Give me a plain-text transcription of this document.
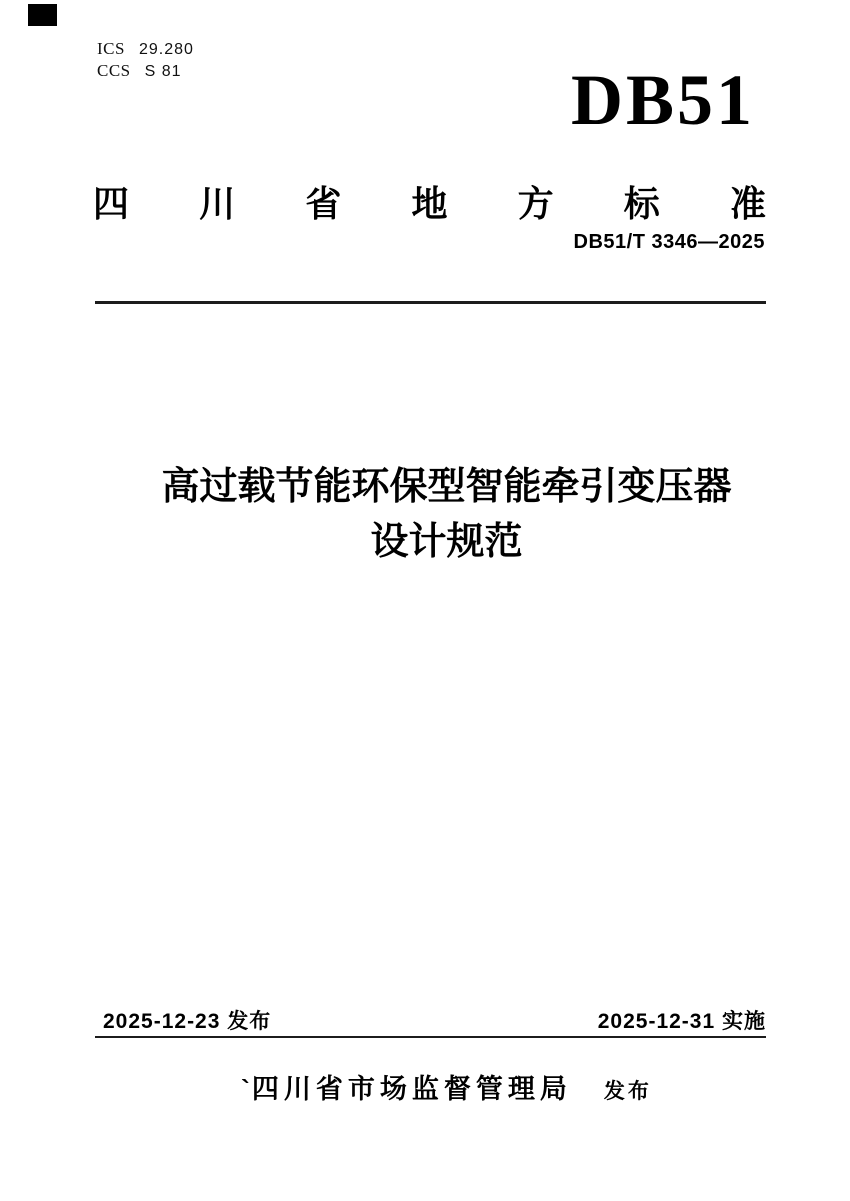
ICS 29.280
CCS S 81	DB51
四 川 省 地 方 标 准
DB51/T 3346—2025
高过载节能环保型智能牵引变压器
设计规范
2025-12-23 发布	2025-12-31 实施
` 四川省市场监督管理局 发布
